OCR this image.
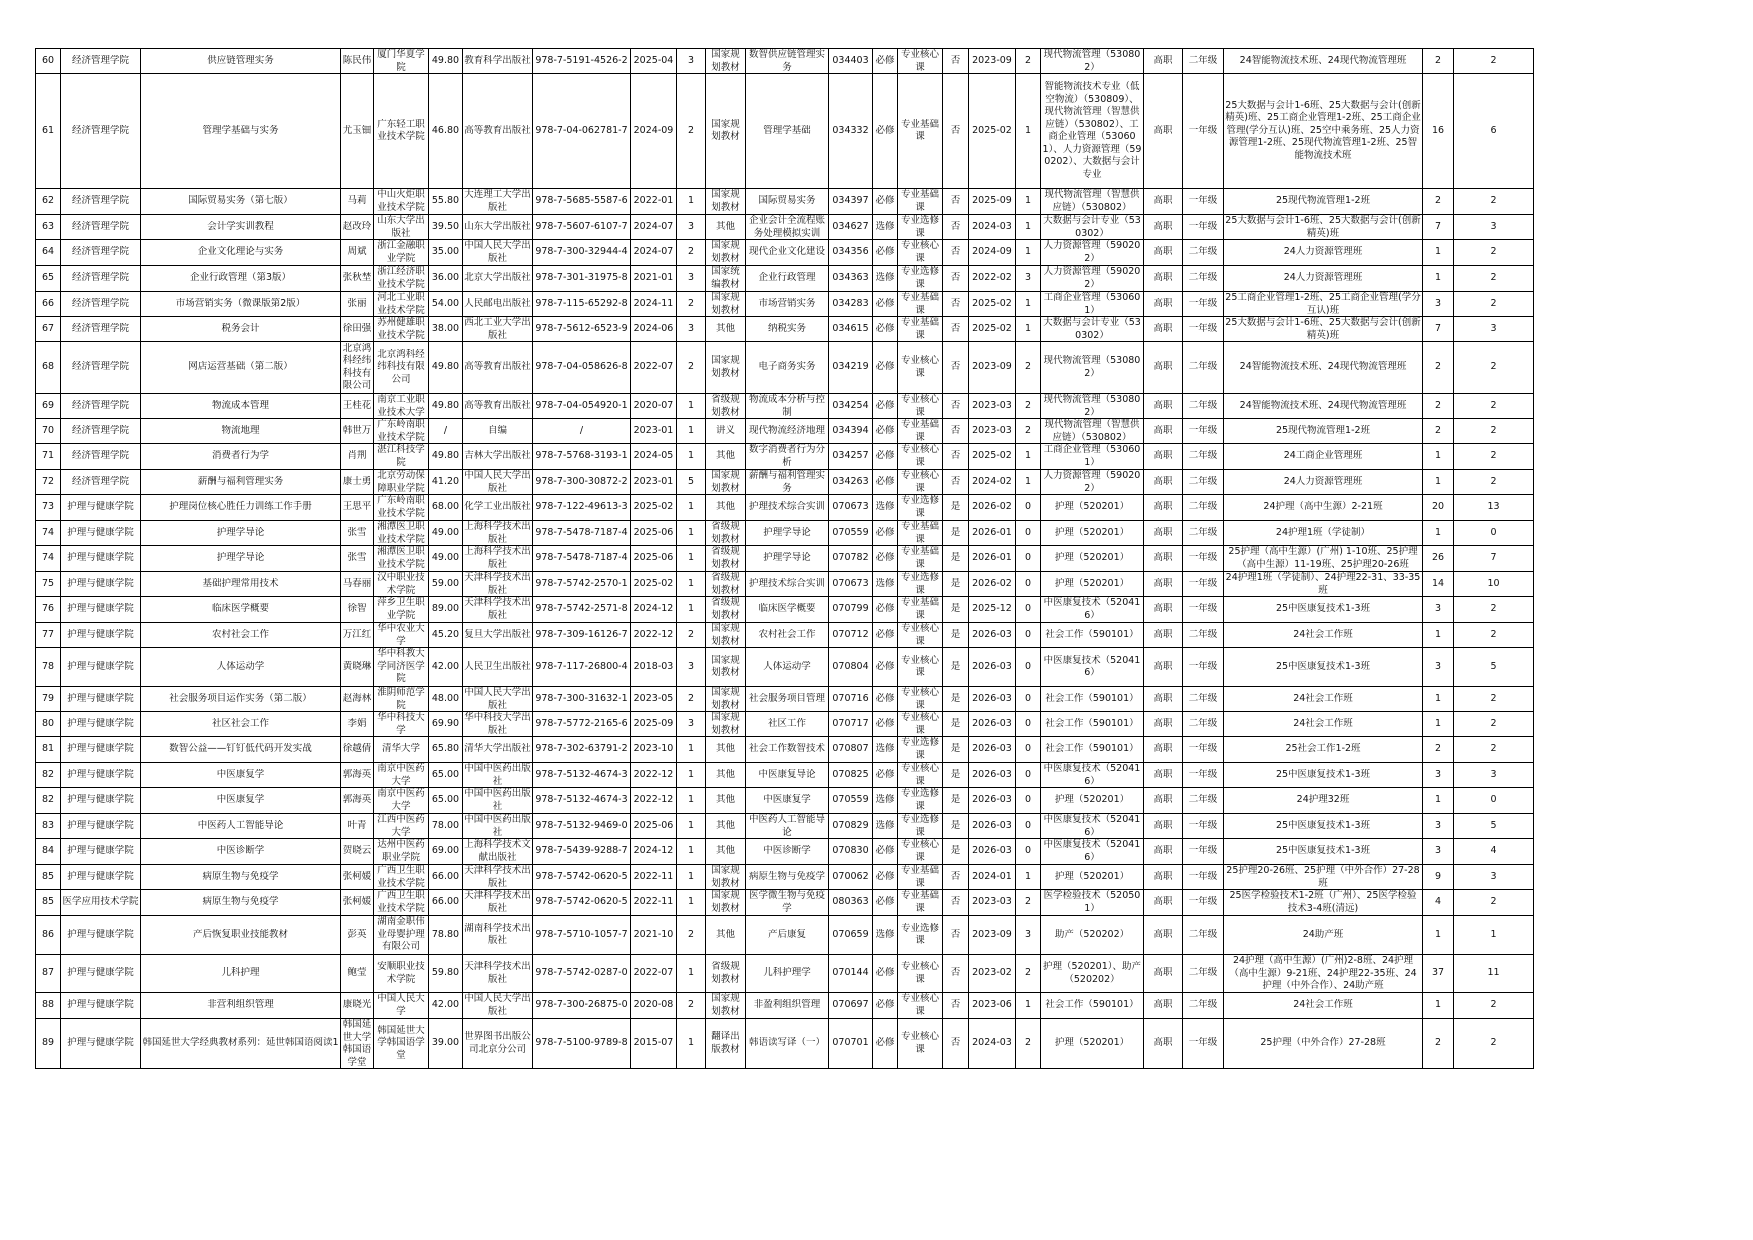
60	经济管理学院	供应链管理实务	陈民伟	厦门华夏学院	49.80	教育科学出版社	978-7-5191-4526-2	2025-04	3	国家规划教材	数智供应链管理实务	034403	必修	专业核心课	否	2023-09	2	现代物流管理（530802）	高职	二年级	24智能物流技术班、24现代物流管理班	2	2

61	经济管理学院	管理学基础与实务	尤玉钿	广东轻工职业技术学院	46.80	高等教育出版社	978-7-04-062781-7	2024-09	2	国家规划教材	管理学基础	034332	必修	专业基础课	否	2025-02	1	智能物流技术专业（低空物流）（530809）、现代物流管理（智慧供应链）（530802）、工商企业管理（530601）、人力资源管理（590202）、大数据与会计专业	高职	一年级	25大数据与会计1-6班、25大数据与会计(创新精英)班、25工商企业管理1-2班、25工商企业管理(学分互认)班、25空中乘务班、25人力资源管理1-2班、25现代物流管理1-2班、25智能物流技术班	16	6

62	经济管理学院	国际贸易实务（第七版）	马莉	中山火炬职业技术学院	55.80	大连理工大学出版社	978-7-5685-5587-6	2022-01	1	国家规划教材	国际贸易实务	034397	必修	专业基础课	否	2025-09	1	现代物流管理（智慧供应链）（530802）	高职	一年级	25现代物流管理1-2班	2	2

63	经济管理学院	会计学实训教程	赵改玲	山东大学出版社	39.50	山东大学出版社	978-7-5607-6107-7	2024-07	3	其他	企业会计全流程账务处理模拟实训	034627	选修	专业选修课	否	2024-03	1	大数据与会计专业（530302）	高职	一年级	25大数据与会计1-6班、25大数据与会计(创新精英)班	7	3

64	经济管理学院	企业文化理论与实务	周斌	浙江金融职业学院	35.00	中国人民大学出版社	978-7-300-32944-4	2024-07	2	国家规划教材	现代企业文化建设	034356	必修	专业核心课	否	2024-09	1	人力资源管理（590202）	高职	二年级	24人力资源管理班	1	2

65	经济管理学院	企业行政管理（第3版）	张秋埜	浙江经济职业技术学院	36.00	北京大学出版社	978-7-301-31975-8	2021-01	3	国家统编教材	企业行政管理	034363	选修	专业选修课	否	2022-02	3	人力资源管理（590202）	高职	二年级	24人力资源管理班	1	2

66	经济管理学院	市场营销实务（微课版第2版）	张丽	河北工业职业技术学院	54.00	人民邮电出版社	978-7-115-65292-8	2024-11	2	国家规划教材	市场营销实务	034283	必修	专业基础课	否	2025-02	1	工商企业管理（530601）	高职	一年级	25工商企业管理1-2班、25工商企业管理(学分互认)班	3	2

67	经济管理学院	税务会计	徐田强	苏州健雄职业技术学院	38.00	西北工业大学出版社	978-7-5612-6523-9	2024-06	3	其他	纳税实务	034615	必修	专业基础课	否	2025-02	1	大数据与会计专业（530302）	高职	一年级	25大数据与会计1-6班、25大数据与会计(创新精英)班	7	3

68	经济管理学院	网店运营基础（第二版）	北京鸿科经纬科技有限公司	北京鸿科经纬科技有限公司	49.80	高等教育出版社	978-7-04-058626-8	2022-07	2	国家规划教材	电子商务实务	034219	必修	专业核心课	否	2023-09	2	现代物流管理（530802）	高职	二年级	24智能物流技术班、24现代物流管理班	2	2

69	经济管理学院	物流成本管理	王桂花	南京工业职业技术大学	49.80	高等教育出版社	978-7-04-054920-1	2020-07	1	省级规划教材	物流成本分析与控制	034254	必修	专业核心课	否	2023-03	2	现代物流管理（530802）	高职	二年级	24智能物流技术班、24现代物流管理班	2	2

70	经济管理学院	物流地理	韩世万	广东岭南职业技术学院	/	自编	/	2023-01	1	讲义	现代物流经济地理	034394	必修	专业基础课	否	2023-03	2	现代物流管理（智慧供应链）（530802）	高职	一年级	25现代物流管理1-2班	2	2

71	经济管理学院	消费者行为学	肖荆	湛江科技学院	49.80	吉林大学出版社	978-7-5768-3193-1	2024-05	1	其他	数字消费者行为分析	034257	必修	专业核心课	否	2025-02	1	工商企业管理（530601）	高职	二年级	24工商企业管理班	1	2

72	经济管理学院	薪酬与福利管理实务	康士勇	北京劳动保障职业学院	41.20	中国人民大学出版社	978-7-300-30872-2	2023-01	5	国家规划教材	薪酬与福利管理实务	034263	必修	专业核心课	否	2024-02	1	人力资源管理（590202）	高职	二年级	24人力资源管理班	1	2

73	护理与健康学院	护理岗位核心胜任力训练工作手册	王思平	广东岭南职业技术学院	68.00	化学工业出版社	978-7-122-49613-3	2025-02	1	其他	护理技术综合实训	070673	选修	专业选修课	是	2026-02	0	护理（520201）	高职	二年级	24护理（高中生源）2-21班	20	13

74	护理与健康学院	护理学导论	张雪	湘潭医卫职业技术学院	49.00	上海科学技术出版社	978-7-5478-7187-4	2025-06	1	省级规划教材	护理学导论	070559	必修	专业基础课	是	2026-01	0	护理（520201）	高职	二年级	24护理1班（学徒制）	1	0

74	护理与健康学院	护理学导论	张雪	湘潭医卫职业技术学院	49.00	上海科学技术出版社	978-7-5478-7187-4	2025-06	1	省级规划教材	护理学导论	070782	必修	专业基础课	是	2026-01	0	护理（520201）	高职	一年级	25护理（高中生源）(广州) 1-10班、25护理（高中生源）11-19班、25护理20-26班	26	7

75	护理与健康学院	基础护理常用技术	马春丽	汉中职业技术学院	59.00	天津科学技术出版社	978-7-5742-2570-1	2025-02	1	省级规划教材	护理技术综合实训	070673	选修	专业选修课	是	2026-02	0	护理（520201）	高职	一年级	24护理1班（学徒制）、24护理22-31、33-35班	14	10

76	护理与健康学院	临床医学概要	徐智	萍乡卫生职业学院	89.00	天津科学技术出版社	978-7-5742-2571-8	2024-12	1	省级规划教材	临床医学概要	070799	必修	专业基础课	是	2025-12	0	中医康复技术（520416）	高职	一年级	25中医康复技术1-3班	3	2

77	护理与健康学院	农村社会工作	万江红	华中农业大学	45.20	复旦大学出版社	978-7-309-16126-7	2022-12	2	国家规划教材	农村社会工作	070712	必修	专业核心课	是	2026-03	0	社会工作（590101）	高职	二年级	24社会工作班	1	2

78	护理与健康学院	人体运动学	黄晓琳	华中科教大学同济医学院	42.00	人民卫生出版社	978-7-117-26800-4	2018-03	3	国家规划教材	人体运动学	070804	必修	专业核心课	是	2026-03	0	中医康复技术（520416）	高职	一年级	25中医康复技术1-3班	3	5

79	护理与健康学院	社会服务项目运作实务（第二版）	赵海林	淮阴师范学院	48.00	中国人民大学出版社	978-7-300-31632-1	2023-05	2	国家规划教材	社会服务项目管理	070716	必修	专业核心课	是	2026-03	0	社会工作（590101）	高职	二年级	24社会工作班	1	2

80	护理与健康学院	社区社会工作	李娟	华中科技大学	69.90	华中科技大学出版社	978-7-5772-2165-6	2025-09	3	国家规划教材	社区工作	070717	必修	专业核心课	是	2026-03	0	社会工作（590101）	高职	二年级	24社会工作班	1	2

81	护理与健康学院	数智公益——钉钉低代码开发实战	徐越倩	清华大学	65.80	清华大学出版社	978-7-302-63791-2	2023-10	1	其他	社会工作数智技术	070807	选修	专业选修课	是	2026-03	0	社会工作（590101）	高职	一年级	25社会工作1-2班	2	2

82	护理与健康学院	中医康复学	郭海英	南京中医药大学	65.00	中国中医药出版社	978-7-5132-4674-3	2022-12	1	其他	中医康复导论	070825	必修	专业核心课	是	2026-03	0	中医康复技术（520416）	高职	一年级	25中医康复技术1-3班	3	3

82	护理与健康学院	中医康复学	郭海英	南京中医药大学	65.00	中国中医药出版社	978-7-5132-4674-3	2022-12	1	其他	中医康复学	070559	选修	专业选修课	是	2026-03	0	护理（520201）	高职	二年级	24护理32班	1	0

83	护理与健康学院	中医药人工智能导论	叶青	江西中医药大学	78.00	中国中医药出版社	978-7-5132-9469-0	2025-06	1	其他	中医药人工智能导论	070829	选修	专业选修课	是	2026-03	0	中医康复技术（520416）	高职	一年级	25中医康复技术1-3班	3	5

84	护理与健康学院	中医诊断学	贺晓云	达州中医药职业学院	69.00	上海科学技术文献出版社	978-7-5439-9288-7	2024-12	1	其他	中医诊断学	070830	必修	专业核心课	是	2026-03	0	中医康复技术（520416）	高职	一年级	25中医康复技术1-3班	3	4

85	护理与健康学院	病原生物与免疫学	张柯媛	广西卫生职业技术学院	66.00	天津科学技术出版社	978-7-5742-0620-5	2022-11	1	国家规划教材	病原生物与免疫学	070062	必修	专业基础课	否	2024-01	1	护理（520201）	高职	一年级	25护理20-26班、25护理（中外合作）27-28班	9	3

85	医学应用技术学院	病原生物与免疫学	张柯媛	广西卫生职业技术学院	66.00	天津科学技术出版社	978-7-5742-0620-5	2022-11	1	国家规划教材	医学微生物与免疫学	080363	必修	专业基础课	否	2023-03	2	医学检验技术（520501）	高职	一年级	25医学检验技术1-2班（广州）、25医学检验技术3-4班(清远)	4	2

86	护理与健康学院	产后恢复职业技能教材	彭英	湖南金职伟业母婴护理有限公司	78.80	湖南科学技术出版社	978-7-5710-1057-7	2021-10	2	其他	产后康复	070659	选修	专业选修课	否	2023-09	3	助产（520202）	高职	二年级	24助产班	1	1

87	护理与健康学院	儿科护理	鲍莹	安顺职业技术学院	59.80	天津科学技术出版社	978-7-5742-0287-0	2022-07	1	省级规划教材	儿科护理学	070144	必修	专业核心课	否	2023-02	2	护理（520201）、助产（520202）	高职	二年级	24护理（高中生源）(广州)2-8班、24护理（高中生源）9-21班、24护理22-35班、24护理（中外合作）、24助产班	37	11

88	护理与健康学院	非营利组织管理	康晓光	中国人民大学	42.00	中国人民大学出版社	978-7-300-26875-0	2020-08	2	国家规划教材	非盈利组织管理	070697	必修	专业核心课	否	2023-06	1	社会工作（590101）	高职	二年级	24社会工作班	1	2

89	护理与健康学院	韩国延世大学经典教材系列：延世韩国语阅读1	韩国延世大学韩国语学堂	韩国延世大学韩国语学堂	39.00	世界图书出版公司北京分公司	978-7-5100-9789-8	2015-07	1	翻译出版教材	韩语读写译（一）	070701	必修	专业核心课	否	2024-03	2	护理（520201）	高职	一年级	25护理（中外合作）27-28班	2	2
